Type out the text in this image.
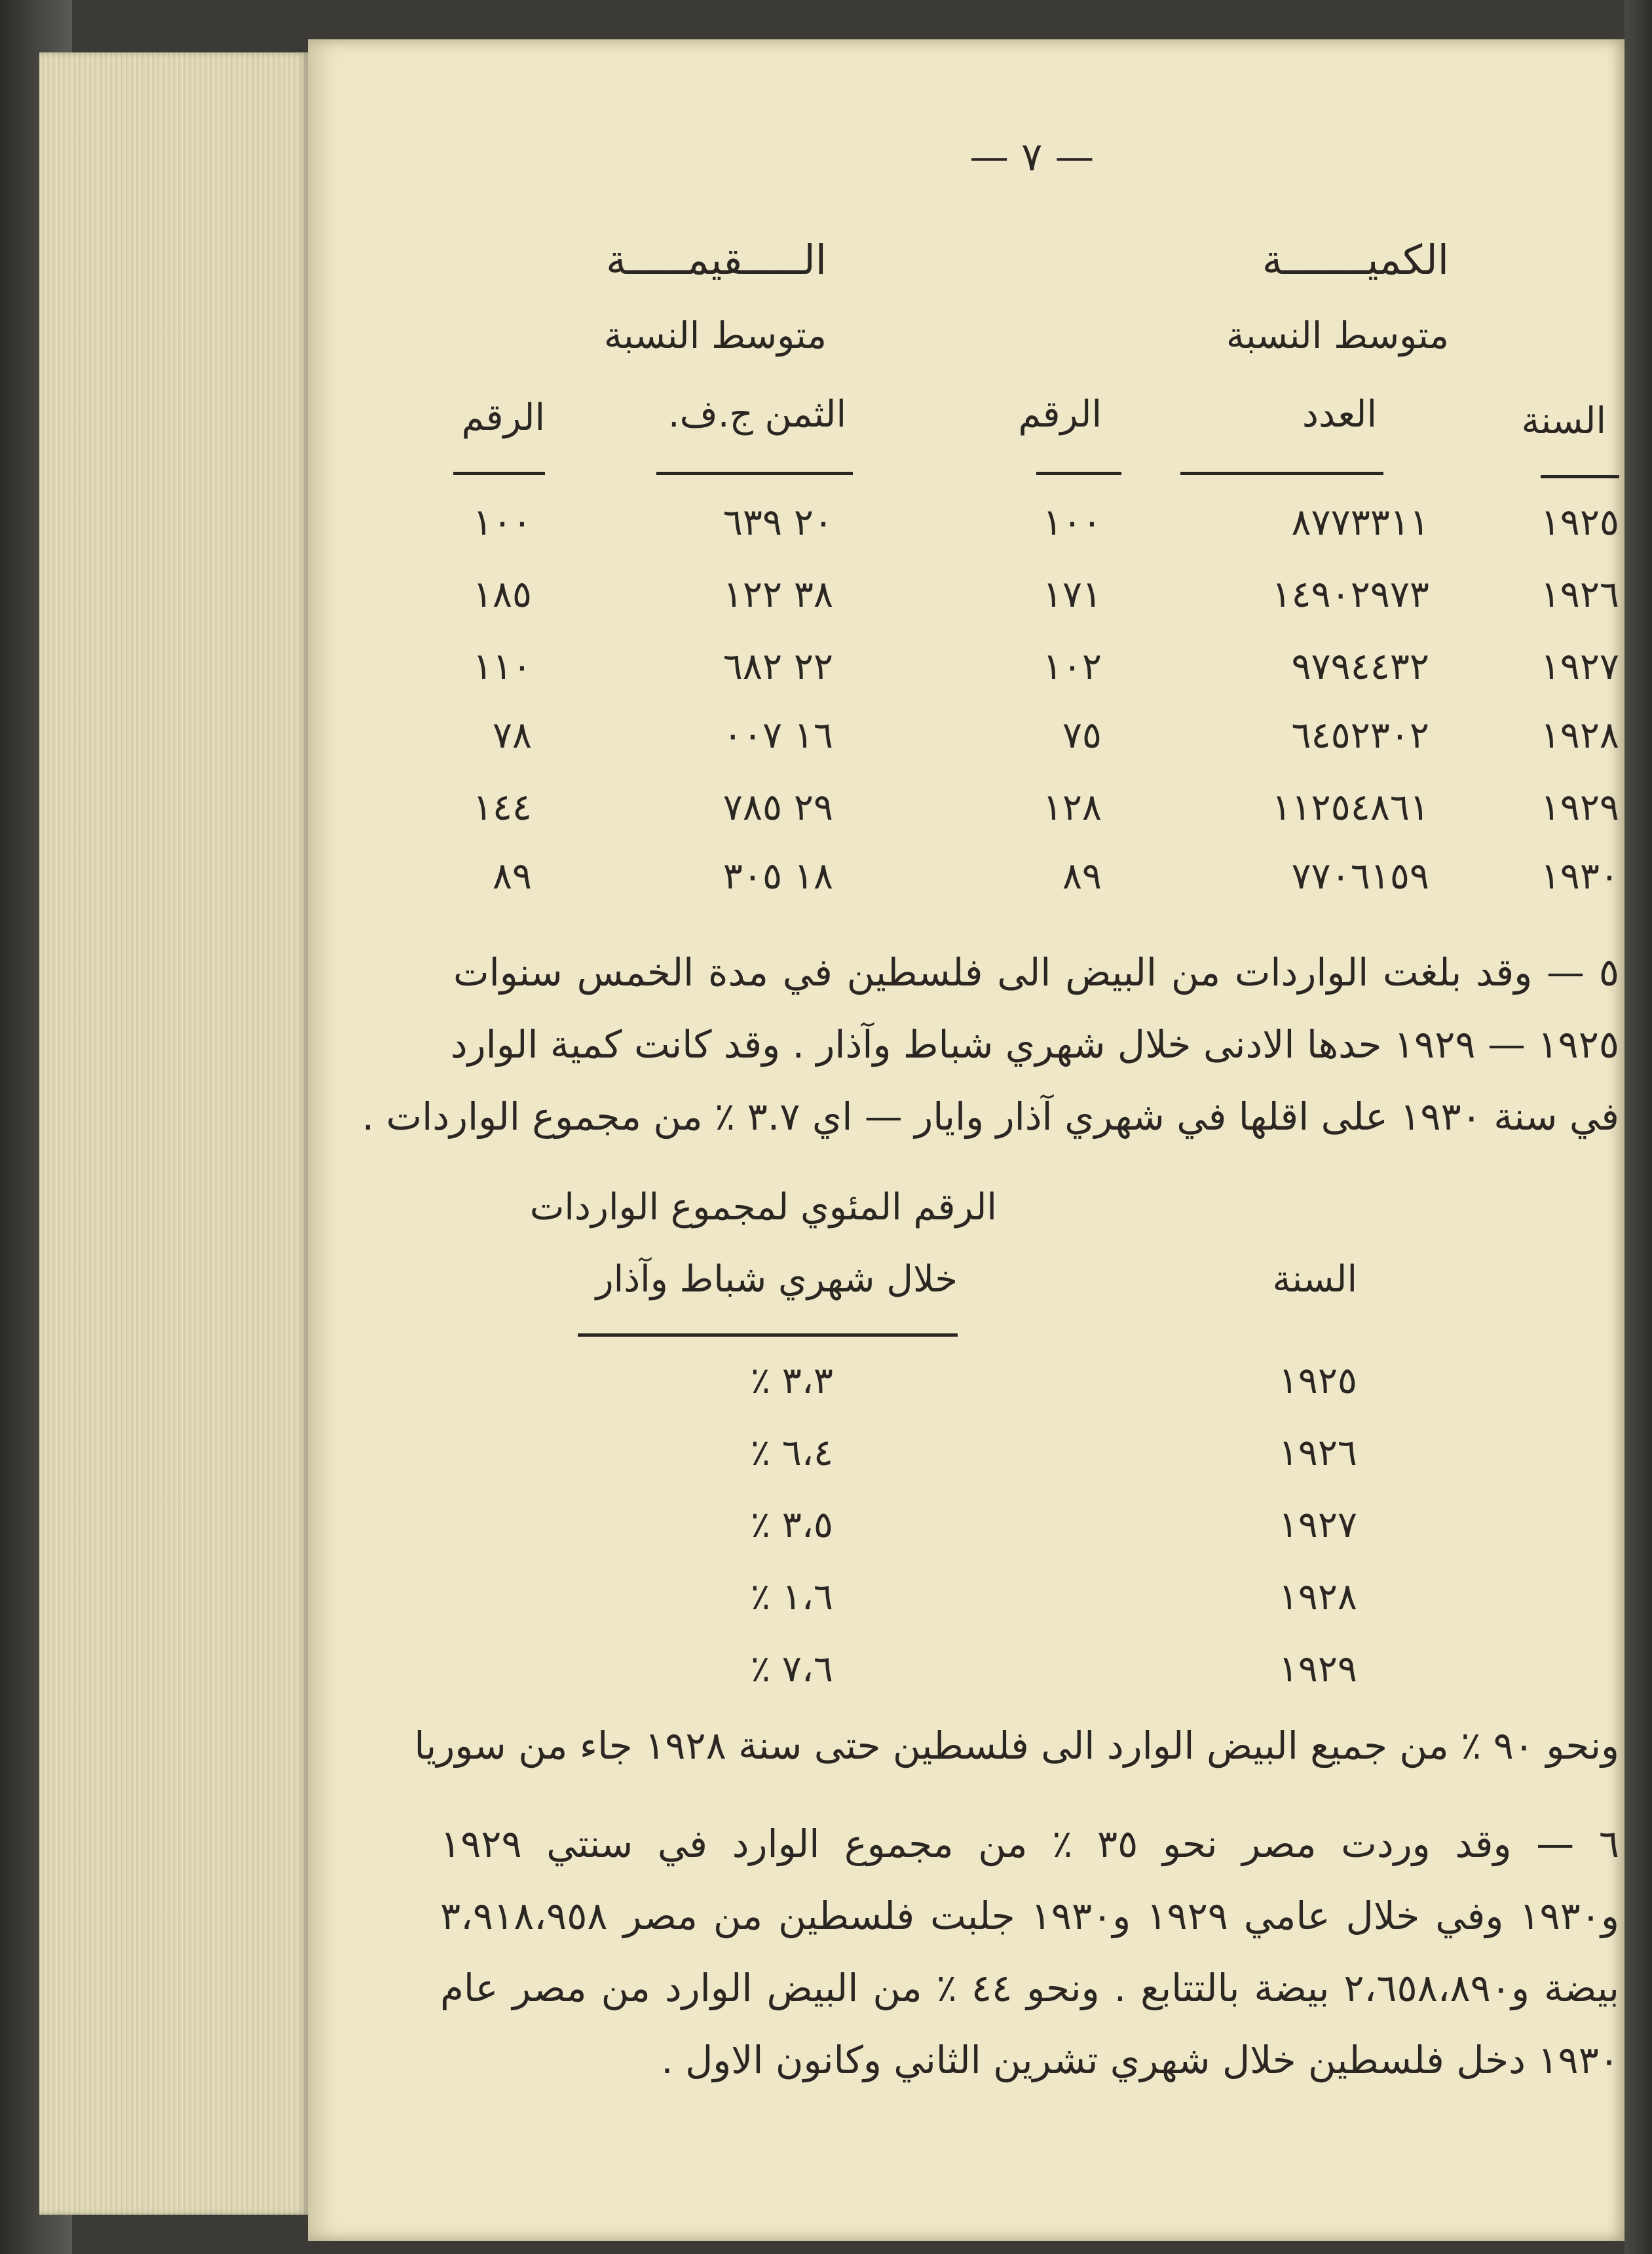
— ٧ —
الكميـــــــة
متوسط النسبة
الـــــقيمـــــة
متوسط النسبة
السنة
العدد
الرقم
الثمن ج.ف.
الرقم
١٩٢٥
٨٧٧٣٣١١
١٠٠
٢٠ ٦٣٩
١٠٠
١٩٢٦
١٤٩٠٢٩٧٣
١٧١
٣٨ ١٢٢
١٨٥
١٩٢٧
٩٧٩٤٤٣٢
١٠٢
٢٢ ٦٨٢
١١٠
١٩٢٨
٦٤٥٢٣٠٢
٧٥
١٦ ٠٠٧
٧٨
١٩٢٩
١١٢٥٤٨٦١
١٢٨
٢٩ ٧٨٥
١٤٤
١٩٣٠
٧٧٠٦١٥٩
٨٩
١٨ ٣٠٥
٨٩
٥ — وقد بلغت الواردات من البيض الى فلسطين في مدة الخمس سنوات
١٩٢٥ — ١٩٢٩ حدها الادنى خلال شهري شباط وآذار . وقد كانت كمية الوارد
في سنة ١٩٣٠ على اقلها في شهري آذار وايار — اي ٣.٧ ٪ من مجموع الواردات .
الرقم المئوي لمجموع الواردات
خلال شهري شباط وآذار	السنة
١٩٢٥
٣،٣ ٪
١٩٢٦
٦،٤ ٪
١٩٢٧
٣،٥ ٪
١٩٢٨
١،٦ ٪
١٩٢٩
٧،٦ ٪
ونحو ٩٠ ٪ من جميع البيض الوارد الى فلسطين حتى سنة ١٩٢٨ جاء من سوريا
٦ — وقد وردت مصر نحو ٣٥ ٪ من مجموع الوارد في سنتي ١٩٢٩
و١٩٣٠ وفي خلال عامي ١٩٢٩ و١٩٣٠ جلبت فلسطين من مصر ٣،٩١٨،٩٥٨
بيضة و٢،٦٥٨،٨٩٠ بيضة بالتتابع . ونحو ٤٤ ٪ من البيض الوارد من مصر عام
١٩٣٠ دخل فلسطين خلال شهري تشرين الثاني وكانون الاول .
